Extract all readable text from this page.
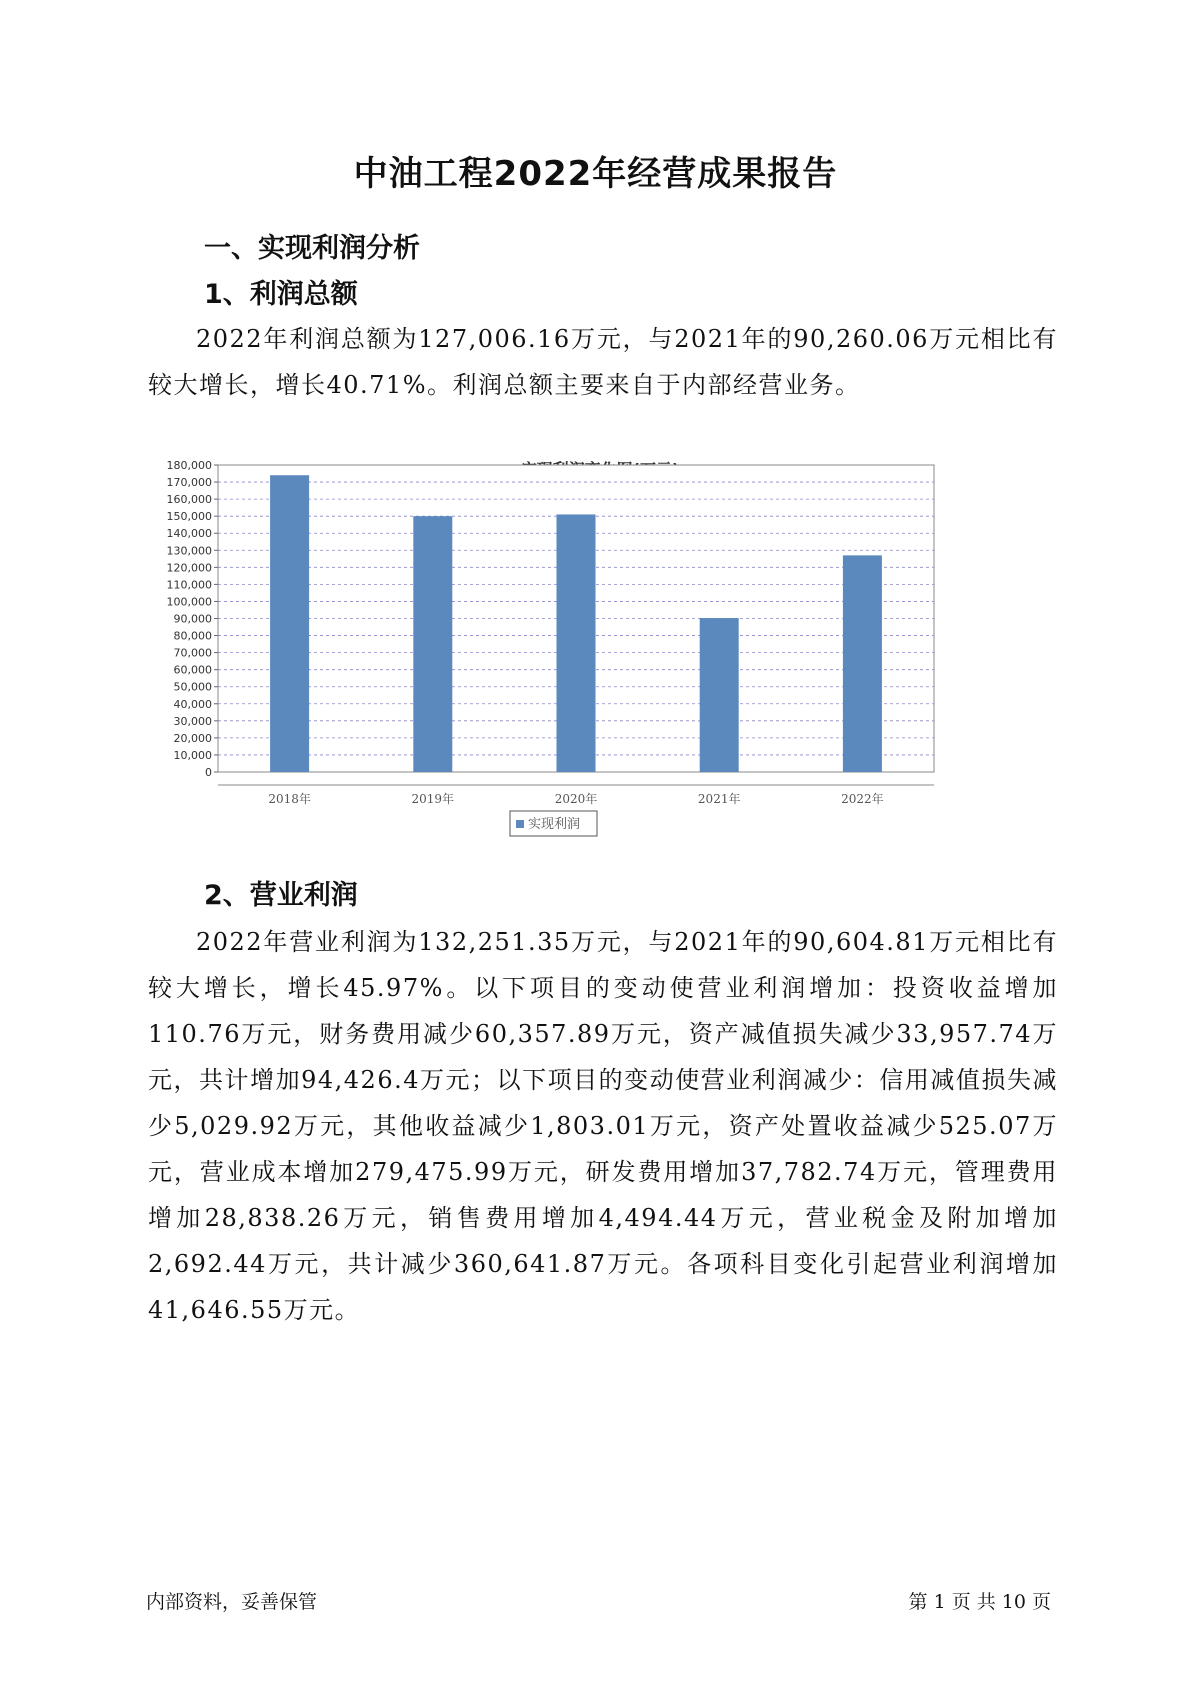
中油工程2022年经营成果报告
一、实现利润分析
1、利润总额

2022年利润总额为127,006.16万元，与2021年的90,260.06万元相比有较大增长，增长40.71%。利润总额主要来自于内部经营业务。

0
10,000
20,000
30,000
40,000
50,000
60,000
70,000
80,000
90,000
100,000
110,000
120,000
130,000
140,000
150,000
160,000
170,000
180,000
2018年	2019年	2020年	2021年	2022年
实现利润
2、营业利润

2022年营业利润为132,251.35万元，与2021年的90,604.81万元相比有较大增长，增长45.97%。以下项目的变动使营业利润增加：投资收益增加110.76万元，财务费用减少60,357.89万元，资产减值损失减少33,957.74万元，共计增加94,426.4万元；以下项目的变动使营业利润减少：信用减值损失减少5,029.92万元，其他收益减少1,803.01万元，资产处置收益减少525.07万元，营业成本增加279,475.99万元，研发费用增加37,782.74万元，管理费用增加28,838.26万元，销售费用增加4,494.44万元，营业税金及附加增加2,692.44万元，共计减少360,641.87万元。各项科目变化引起营业利润增加41,646.55万元。

内部资料，妥善保管	第 1 页 共 10 页
